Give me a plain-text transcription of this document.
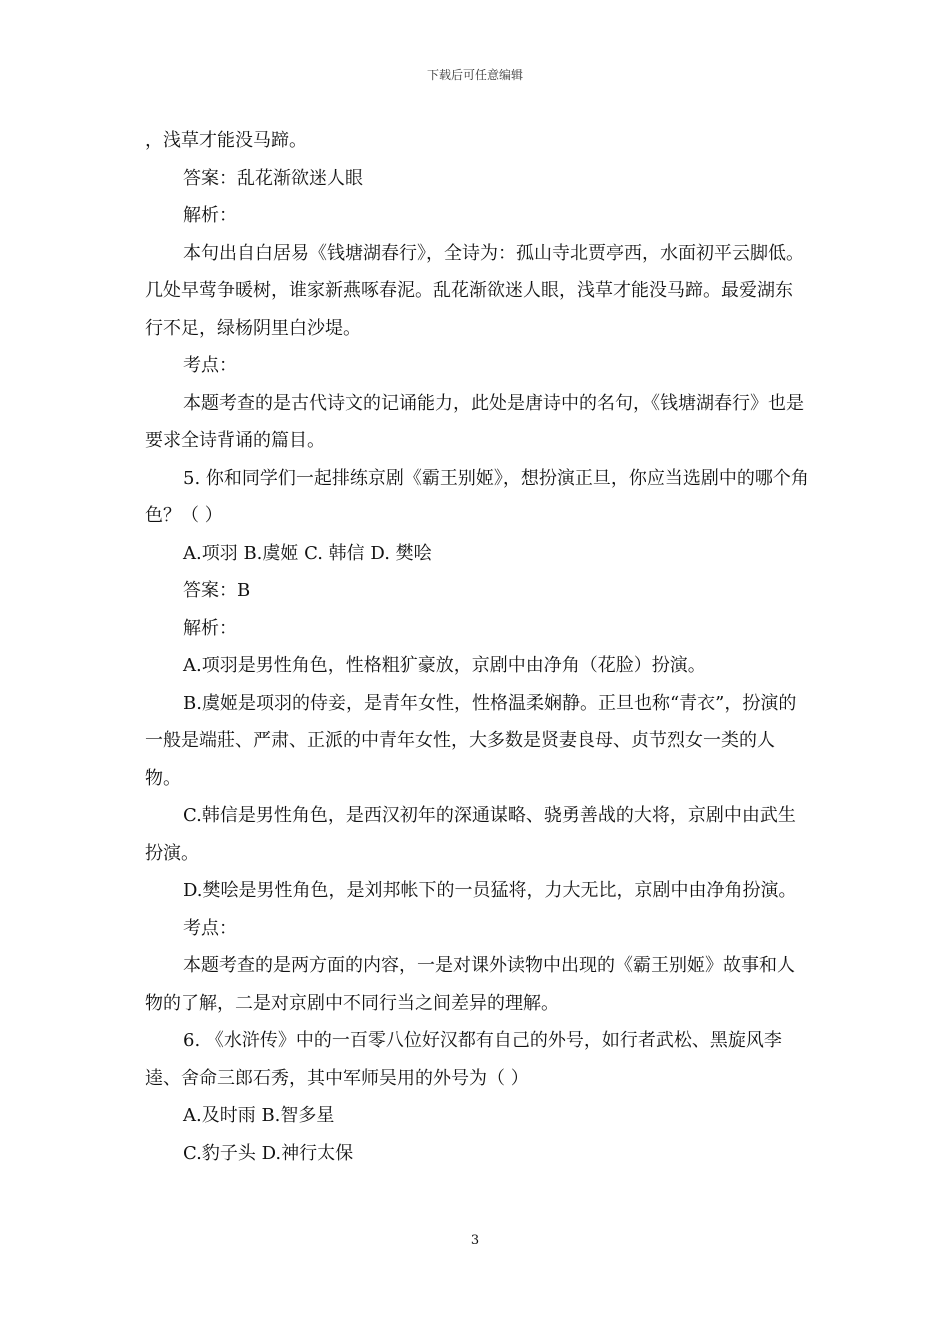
下载后可任意编辑

，浅草才能没马蹄。

答案：乱花渐欲迷人眼

解析：

本句出自白居易《钱塘湖春行》，全诗为：孤山寺北贾亭西，水面初平云脚低。几处早莺争暖树，谁家新燕啄春泥。乱花渐欲迷人眼，浅草才能没马蹄。最爱湖东行不足，绿杨阴里白沙堤。

考点：

本题考查的是古代诗文的记诵能力，此处是唐诗中的名句，《钱塘湖春行》也是要求全诗背诵的篇目。

5. 你和同学们一起排练京剧《霸王别姬》，想扮演正旦，你应当选剧中的哪个角色？（ ）

A.项羽 B.虞姬 C. 韩信 D. 樊哙

答案：B

解析：

A.项羽是男性角色，性格粗犷豪放，京剧中由净角（花脸）扮演。

B.虞姬是项羽的侍妾，是青年女性，性格温柔娴静。正旦也称“青衣”，扮演的一般是端莊、严肃、正派的中青年女性，大多数是贤妻良母、贞节烈女一类的人物。

C.韩信是男性角色，是西汉初年的深通谋略、骁勇善战的大将，京剧中由武生扮演。

D.樊哙是男性角色，是刘邦帐下的一员猛将，力大无比，京剧中由净角扮演。

考点：

本题考查的是两方面的内容，一是对课外读物中出现的《霸王别姬》故事和人物的了解，二是对京剧中不同行当之间差异的理解。

6. 《水浒传》中的一百零八位好汉都有自己的外号，如行者武松、黑旋风李逵、舍命三郎石秀，其中军师吴用的外号为（ ）

A.及时雨 B.智多星

C.豹子头 D.神行太保

3
